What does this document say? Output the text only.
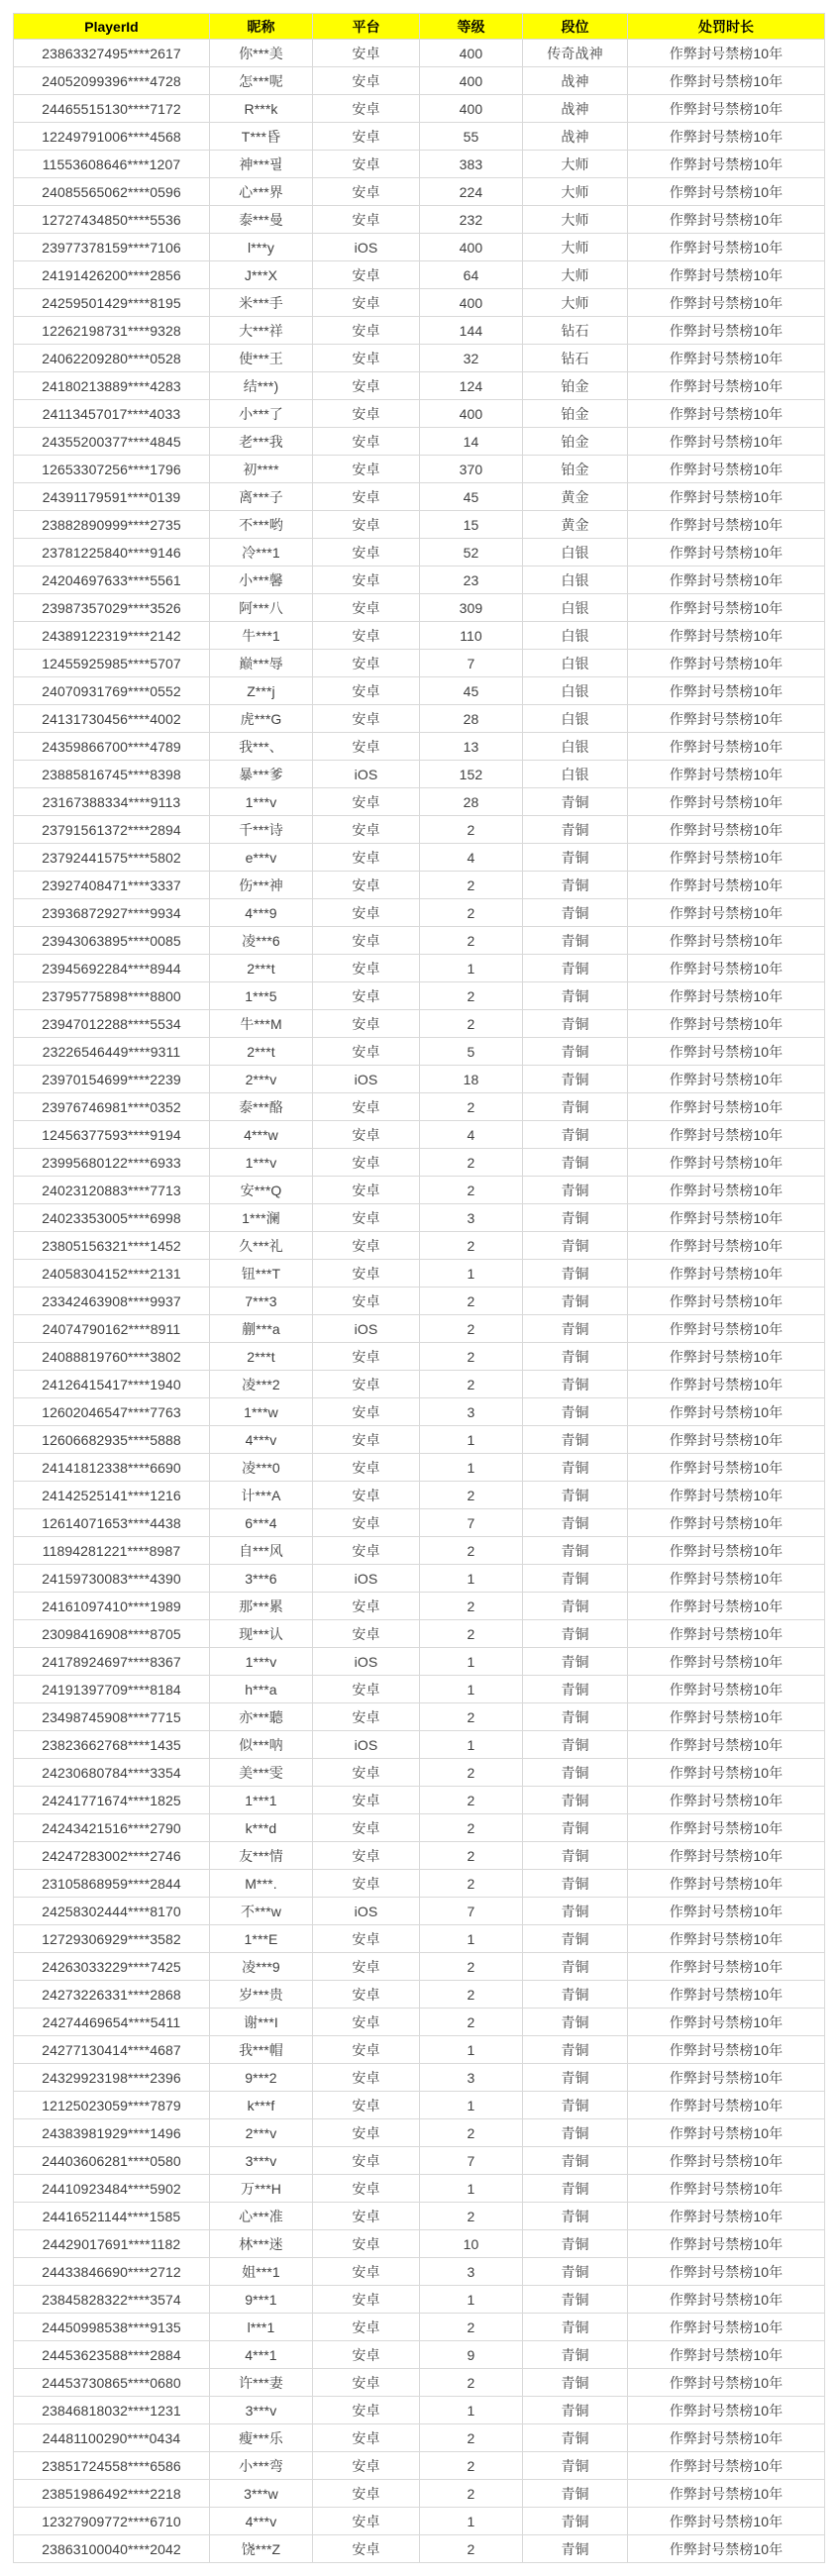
PlayerId	昵称	平台	等级	段位	处罚时长
23863327495****2617	你***美	安卓	400	传奇战神	作弊封号禁榜10年
24052099396****4728	怎***呢	安卓	400	战神	作弊封号禁榜10年
24465515130****7172	R***k	安卓	400	战神	作弊封号禁榜10年
12249791006****4568	T***昏	安卓	55	战神	作弊封号禁榜10年
11553608646****1207	神***필	安卓	383	大师	作弊封号禁榜10年
24085565062****0596	心***界	安卓	224	大师	作弊封号禁榜10年
12727434850****5536	泰***曼	安卓	232	大师	作弊封号禁榜10年
23977378159****7106	l***y	iOS	400	大师	作弊封号禁榜10年
24191426200****2856	J***X	安卓	64	大师	作弊封号禁榜10年
24259501429****8195	米***手	安卓	400	大师	作弊封号禁榜10年
12262198731****9328	大***祥	安卓	144	钻石	作弊封号禁榜10年
24062209280****0528	使***王	安卓	32	钻石	作弊封号禁榜10年
24180213889****4283	结***)	安卓	124	铂金	作弊封号禁榜10年
24113457017****4033	小***了	安卓	400	铂金	作弊封号禁榜10年
24355200377****4845	老***我	安卓	14	铂金	作弊封号禁榜10年
12653307256****1796	初****	安卓	370	铂金	作弊封号禁榜10年
24391179591****0139	离***子	安卓	45	黄金	作弊封号禁榜10年
23882890999****2735	不***哟	安卓	15	黄金	作弊封号禁榜10年
23781225840****9146	冷***1	安卓	52	白银	作弊封号禁榜10年
24204697633****5561	小***馨	安卓	23	白银	作弊封号禁榜10年
23987357029****3526	阿***八	安卓	309	白银	作弊封号禁榜10年
24389122319****2142	牛***1	安卓	110	白银	作弊封号禁榜10年
12455925985****5707	巅***辱	安卓	7	白银	作弊封号禁榜10年
24070931769****0552	Z***j	安卓	45	白银	作弊封号禁榜10年
24131730456****4002	虎***G	安卓	28	白银	作弊封号禁榜10年
24359866700****4789	我***、	安卓	13	白银	作弊封号禁榜10年
23885816745****8398	暴***爹	iOS	152	白银	作弊封号禁榜10年
23167388334****9113	1***v	安卓	28	青铜	作弊封号禁榜10年
23791561372****2894	千***诗	安卓	2	青铜	作弊封号禁榜10年
23792441575****5802	e***v	安卓	4	青铜	作弊封号禁榜10年
23927408471****3337	伤***神	安卓	2	青铜	作弊封号禁榜10年
23936872927****9934	4***9	安卓	2	青铜	作弊封号禁榜10年
23943063895****0085	凌***6	安卓	2	青铜	作弊封号禁榜10年
23945692284****8944	2***t	安卓	1	青铜	作弊封号禁榜10年
23795775898****8800	1***5	安卓	2	青铜	作弊封号禁榜10年
23947012288****5534	牛***M	安卓	2	青铜	作弊封号禁榜10年
23226546449****9311	2***t	安卓	5	青铜	作弊封号禁榜10年
23970154699****2239	2***v	iOS	18	青铜	作弊封号禁榜10年
23976746981****0352	泰***酪	安卓	2	青铜	作弊封号禁榜10年
12456377593****9194	4***w	安卓	4	青铜	作弊封号禁榜10年
23995680122****6933	1***v	安卓	2	青铜	作弊封号禁榜10年
24023120883****7713	安***Q	安卓	2	青铜	作弊封号禁榜10年
24023353005****6998	1***澜	安卓	3	青铜	作弊封号禁榜10年
23805156321****1452	久***礼	安卓	2	青铜	作弊封号禁榜10年
24058304152****2131	钮***T	安卓	1	青铜	作弊封号禁榜10年
23342463908****9937	7***3	安卓	2	青铜	作弊封号禁榜10年
24074790162****8911	蒯***a	iOS	2	青铜	作弊封号禁榜10年
24088819760****3802	2***t	安卓	2	青铜	作弊封号禁榜10年
24126415417****1940	凌***2	安卓	2	青铜	作弊封号禁榜10年
12602046547****7763	1***w	安卓	3	青铜	作弊封号禁榜10年
12606682935****5888	4***v	安卓	1	青铜	作弊封号禁榜10年
24141812338****6690	凌***0	安卓	1	青铜	作弊封号禁榜10年
24142525141****1216	计***A	安卓	2	青铜	作弊封号禁榜10年
12614071653****4438	6***4	安卓	7	青铜	作弊封号禁榜10年
11894281221****8987	自***风	安卓	2	青铜	作弊封号禁榜10年
24159730083****4390	3***6	iOS	1	青铜	作弊封号禁榜10年
24161097410****1989	那***累	安卓	2	青铜	作弊封号禁榜10年
23098416908****8705	现***认	安卓	2	青铜	作弊封号禁榜10年
24178924697****8367	1***v	iOS	1	青铜	作弊封号禁榜10年
24191397709****8184	h***a	安卓	1	青铜	作弊封号禁榜10年
23498745908****7715	亦***聽	安卓	2	青铜	作弊封号禁榜10年
23823662768****1435	似***呐	iOS	1	青铜	作弊封号禁榜10年
24230680784****3354	美***雯	安卓	2	青铜	作弊封号禁榜10年
24241771674****1825	1***1	安卓	2	青铜	作弊封号禁榜10年
24243421516****2790	k***d	安卓	2	青铜	作弊封号禁榜10年
24247283002****2746	友***情	安卓	2	青铜	作弊封号禁榜10年
23105868959****2844	M***.	安卓	2	青铜	作弊封号禁榜10年
24258302444****8170	不***w	iOS	7	青铜	作弊封号禁榜10年
12729306929****3582	1***E	安卓	1	青铜	作弊封号禁榜10年
24263033229****7425	凌***9	安卓	2	青铜	作弊封号禁榜10年
24273226331****2868	岁***贵	安卓	2	青铜	作弊封号禁榜10年
24274469654****5411	谢***I	安卓	2	青铜	作弊封号禁榜10年
24277130414****4687	我***帽	安卓	1	青铜	作弊封号禁榜10年
24329923198****2396	9***2	安卓	3	青铜	作弊封号禁榜10年
12125023059****7879	k***f	安卓	1	青铜	作弊封号禁榜10年
24383981929****1496	2***v	安卓	2	青铜	作弊封号禁榜10年
24403606281****0580	3***v	安卓	7	青铜	作弊封号禁榜10年
24410923484****5902	万***H	安卓	1	青铜	作弊封号禁榜10年
24416521144****1585	心***准	安卓	2	青铜	作弊封号禁榜10年
24429017691****1182	林***迷	安卓	10	青铜	作弊封号禁榜10年
24433846690****2712	姐***1	安卓	3	青铜	作弊封号禁榜10年
23845828322****3574	9***1	安卓	1	青铜	作弊封号禁榜10年
24450998538****9135	l***1	安卓	2	青铜	作弊封号禁榜10年
24453623588****2884	4***1	安卓	9	青铜	作弊封号禁榜10年
24453730865****0680	许***妻	安卓	2	青铜	作弊封号禁榜10年
23846818032****1231	3***v	安卓	1	青铜	作弊封号禁榜10年
24481100290****0434	瘦***乐	安卓	2	青铜	作弊封号禁榜10年
23851724558****6586	小***弯	安卓	2	青铜	作弊封号禁榜10年
23851986492****2218	3***w	安卓	2	青铜	作弊封号禁榜10年
12327909772****6710	4***v	安卓	1	青铜	作弊封号禁榜10年
23863100040****2042	饶***Z	安卓	2	青铜	作弊封号禁榜10年
